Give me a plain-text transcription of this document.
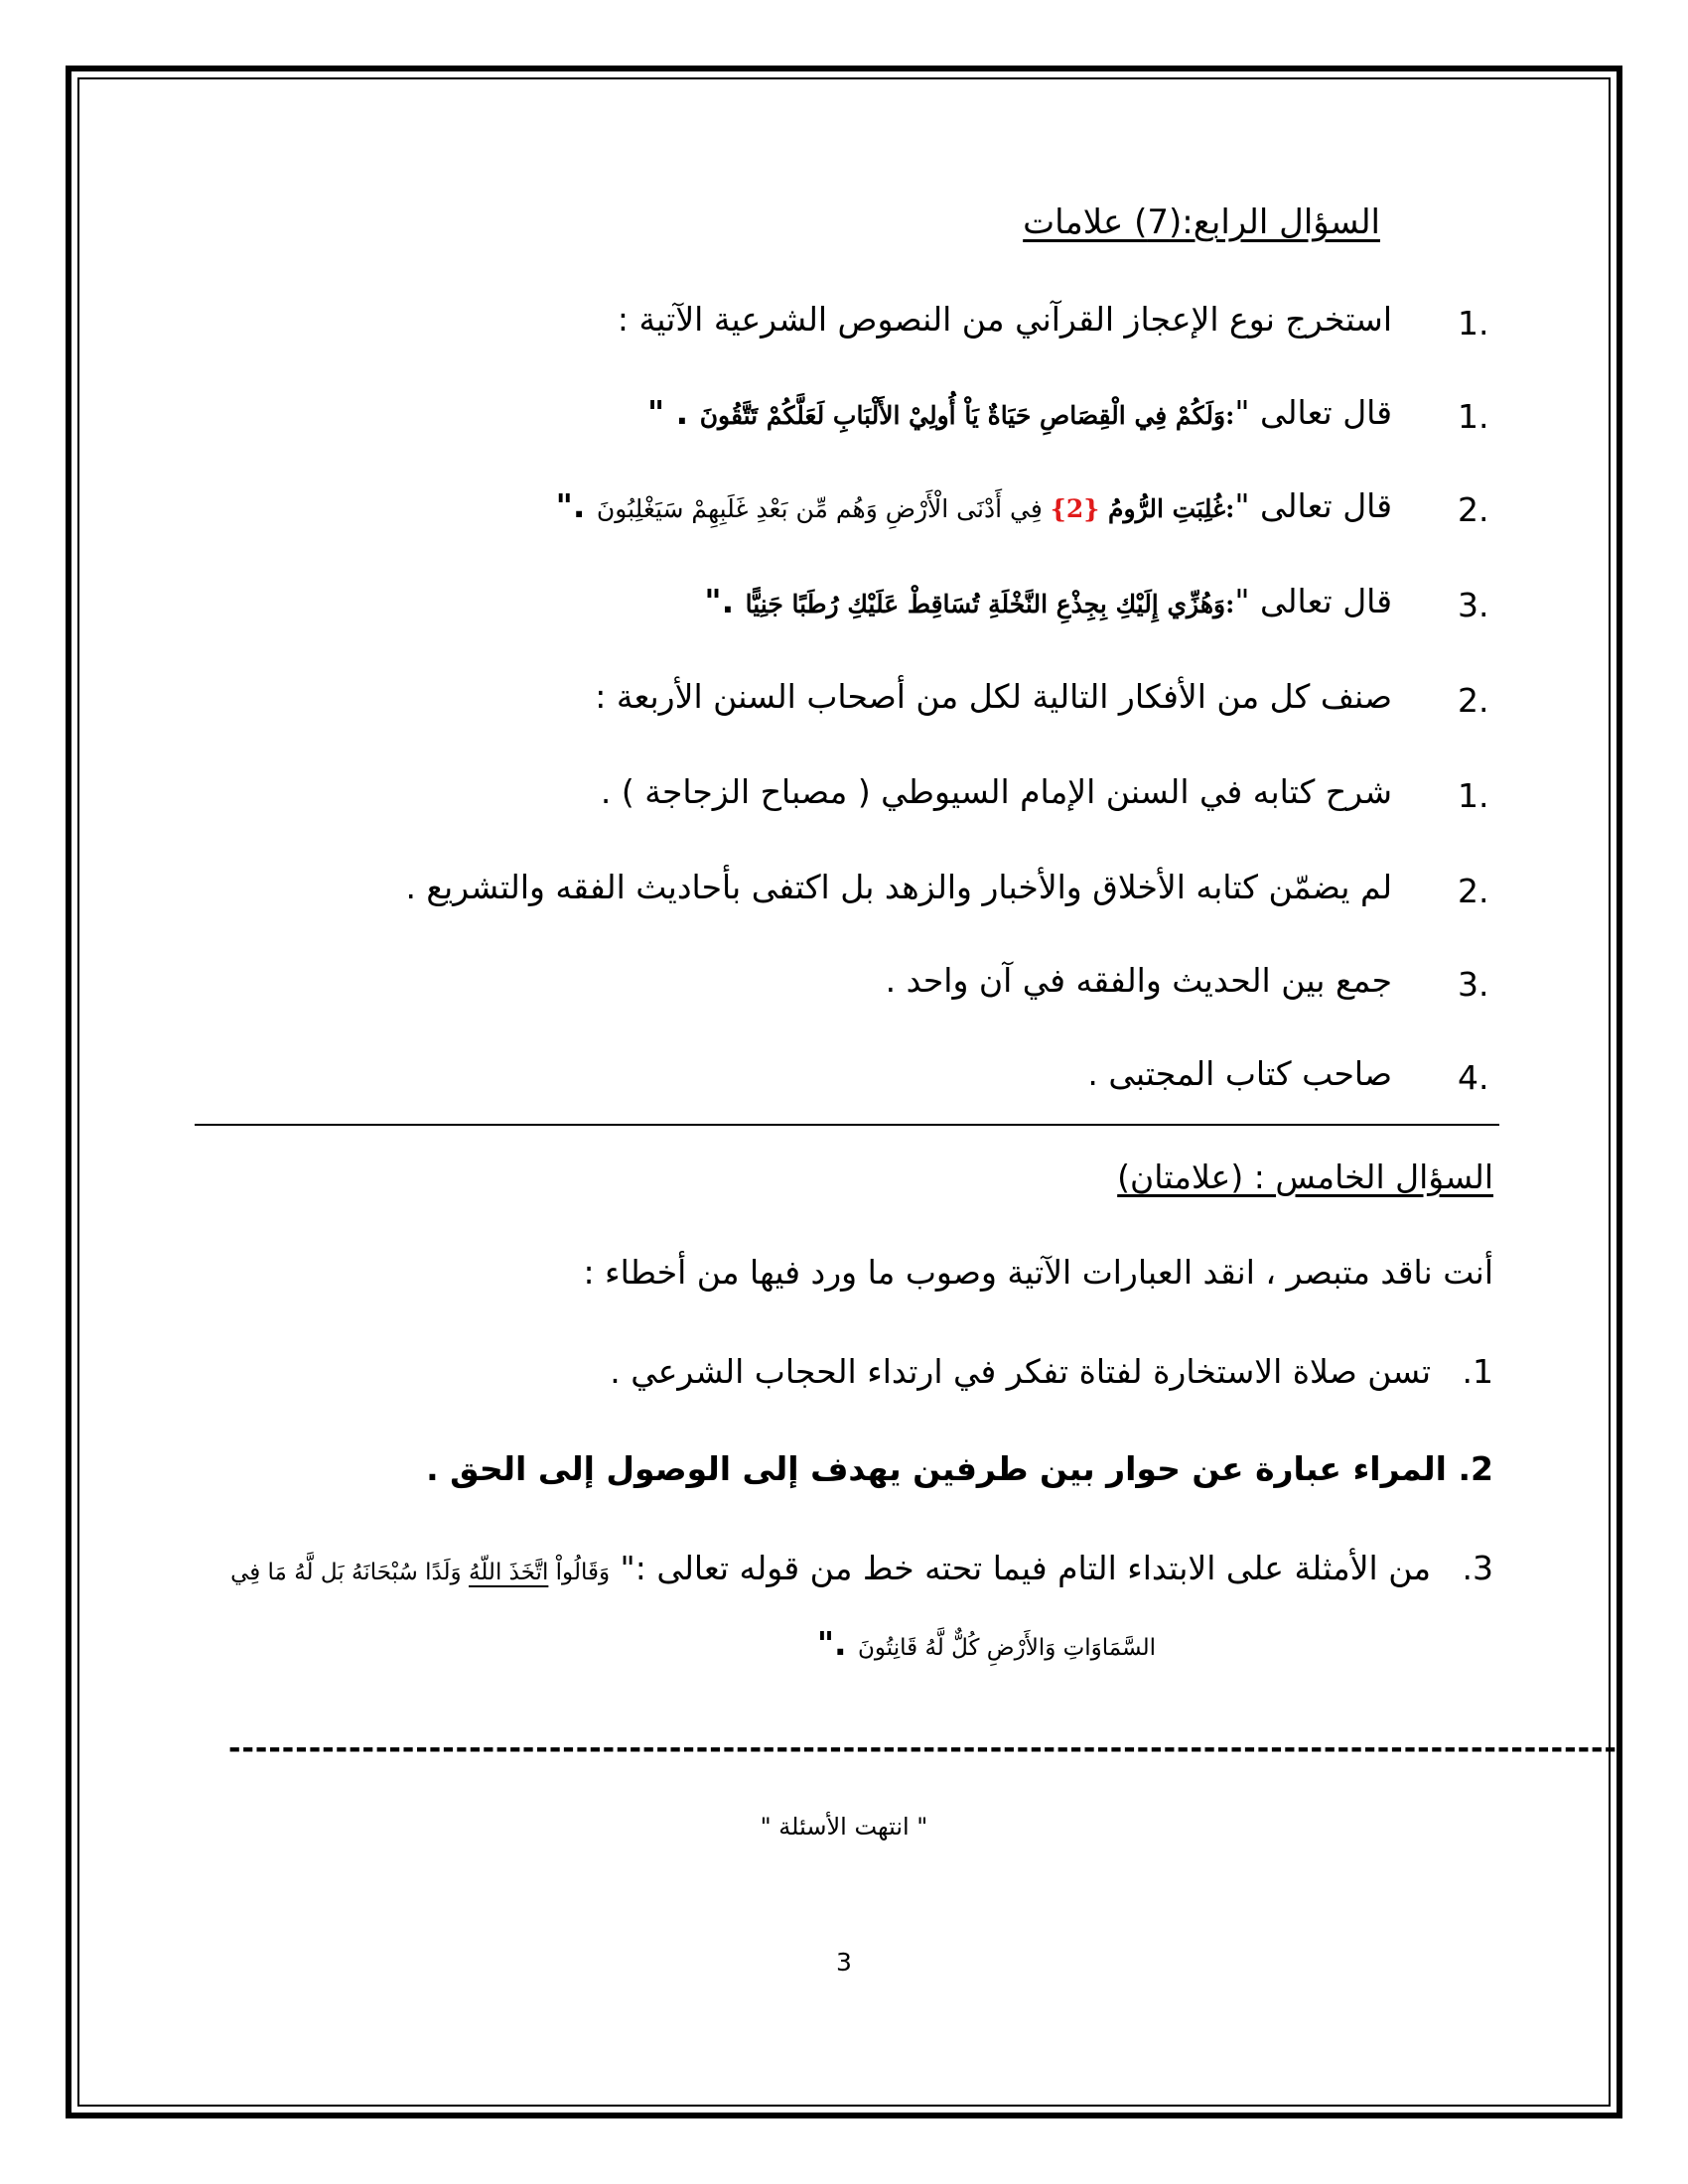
السؤال الرابع:(7) علامات
1.
استخرج نوع الإعجاز القرآني من النصوص الشرعية الآتية :
1.
قال تعالى ":وَلَكُمْ فِي الْقِصَاصِ حَيَاةٌ يَاْ أُولِيْ الأَلْبَابِ لَعَلَّكُمْ تَتَّقُونَ . "
2.
قال تعالى ":غُلِبَتِ الرُّومُ {2} فِي أَدْنَى الْأَرْضِ وَهُم مِّن بَعْدِ غَلَبِهِمْ سَيَغْلِبُونَ ."
3.
قال تعالى ":وَهُزِّي إِلَيْكِ بِجِذْعِ النَّخْلَةِ تُسَاقِطْ عَلَيْكِ رُطَبًا جَنِيًّا ."
2.
صنف كل من الأفكار التالية لكل من أصحاب السنن الأربعة :
1.
شرح كتابه في السنن الإمام السيوطي ( مصباح الزجاجة ) .
2.
لم يضمّن كتابه الأخلاق والأخبار والزهد بل اكتفى بأحاديث الفقه والتشريع .
3.
جمع بين الحديث والفقه في آن واحد .
4.
صاحب كتاب المجتبى .
السؤال الخامس : (علامتان)
أنت ناقد متبصر ، انقد العبارات الآتية وصوب ما ورد فيها من أخطاء :
1.   تسن صلاة الاستخارة لفتاة تفكر في ارتداء الحجاب الشرعي .
2. المراء عبارة عن حوار بين طرفين يهدف إلى الوصول إلى الحق .
3.   من الأمثلة على الابتداء التام فيما تحته خط من قوله تعالى :" وَقَالُواْ اتَّخَذَ اللّهُ وَلَدًا سُبْحَانَهُ بَل لَّهُ مَا فِي
السَّمَاوَاتِ وَالأَرْضِ كُلٌّ لَّهُ قَانِتُونَ ."
--------------------------------------------------------------------------------------------------------
" انتهت الأسئلة "
3
